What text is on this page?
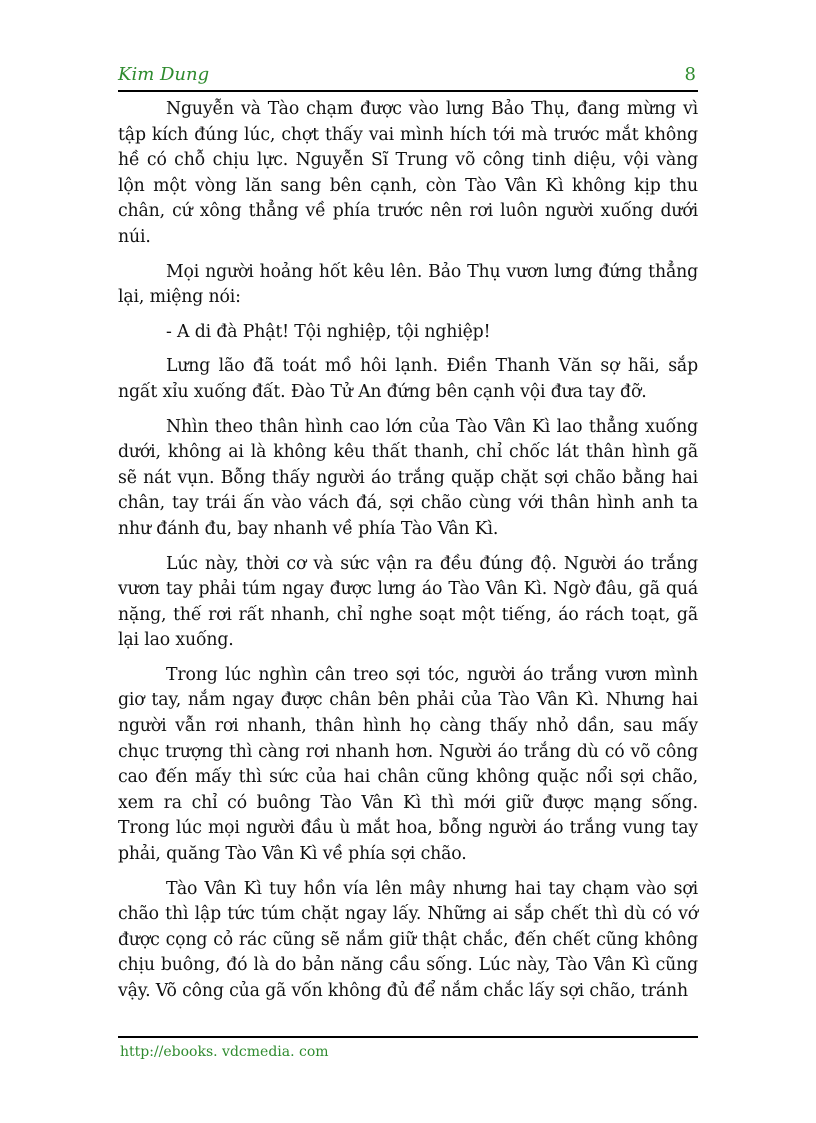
Kim Dung	8

Nguyễn và Tào chạm được vào lưng Bảo Thụ, đang mừng vì tập kích đúng lúc, chợt thấy vai mình hích tới mà trước mắt không hề có chỗ chịu lực. Nguyễn Sĩ Trung võ công tinh diệu, vội vàng lộn một vòng lăn sang bên cạnh, còn Tào Vân Kì không kịp thu chân, cứ xông thẳng về phía trước nên rơi luôn người xuống dưới núi.

Mọi người hoảng hốt kêu lên. Bảo Thụ vươn lưng đứng thẳng lại, miệng nói:

- A di đà Phật! Tội nghiệp, tội nghiệp!

Lưng lão đã toát mồ hôi lạnh. Điền Thanh Văn sợ hãi, sắp ngất xỉu xuống đất. Đào Tử An đứng bên cạnh vội đưa tay đỡ.

Nhìn theo thân hình cao lớn của Tào Vân Kì lao thẳng xuống dưới, không ai là không kêu thất thanh, chỉ chốc lát thân hình gã sẽ nát vụn. Bỗng thấy người áo trắng quặp chặt sợi chão bằng hai chân, tay trái ấn vào vách đá, sợi chão cùng với thân hình anh ta như đánh đu, bay nhanh về phía Tào Vân Kì.

Lúc này, thời cơ và sức vận ra đều đúng độ. Người áo trắng vươn tay phải túm ngay được lưng áo Tào Vân Kì. Ngờ đâu, gã quá nặng, thế rơi rất nhanh, chỉ nghe soạt một tiếng, áo rách toạt, gã lại lao xuống.

Trong lúc nghìn cân treo sợi tóc, người áo trắng vươn mình giơ tay, nắm ngay được chân bên phải của Tào Vân Kì. Nhưng hai người vẫn rơi nhanh, thân hình họ càng thấy nhỏ dần, sau mấy chục trượng thì càng rơi nhanh hơn. Người áo trắng dù có võ công cao đến mấy thì sức của hai chân cũng không quặc nổi sợi chão, xem ra chỉ có buông Tào Vân Kì thì mới giữ được mạng sống. Trong lúc mọi người đầu ù mắt hoa, bỗng người áo trắng vung tay phải, quăng Tào Vân Kì về phía sợi chão.

Tào Vân Kì tuy hồn vía lên mây nhưng hai tay chạm vào sợi chão thì lập tức túm chặt ngay lấy. Những ai sắp chết thì dù có vớ được cọng cỏ rác cũng sẽ nắm giữ thật chắc, đến chết cũng không chịu buông, đó là do bản năng cầu sống. Lúc này, Tào Vân Kì cũng vậy. Võ công của gã vốn không đủ để nắm chắc lấy sợi chão, tránh

http://ebooks. vdcmedia. com
